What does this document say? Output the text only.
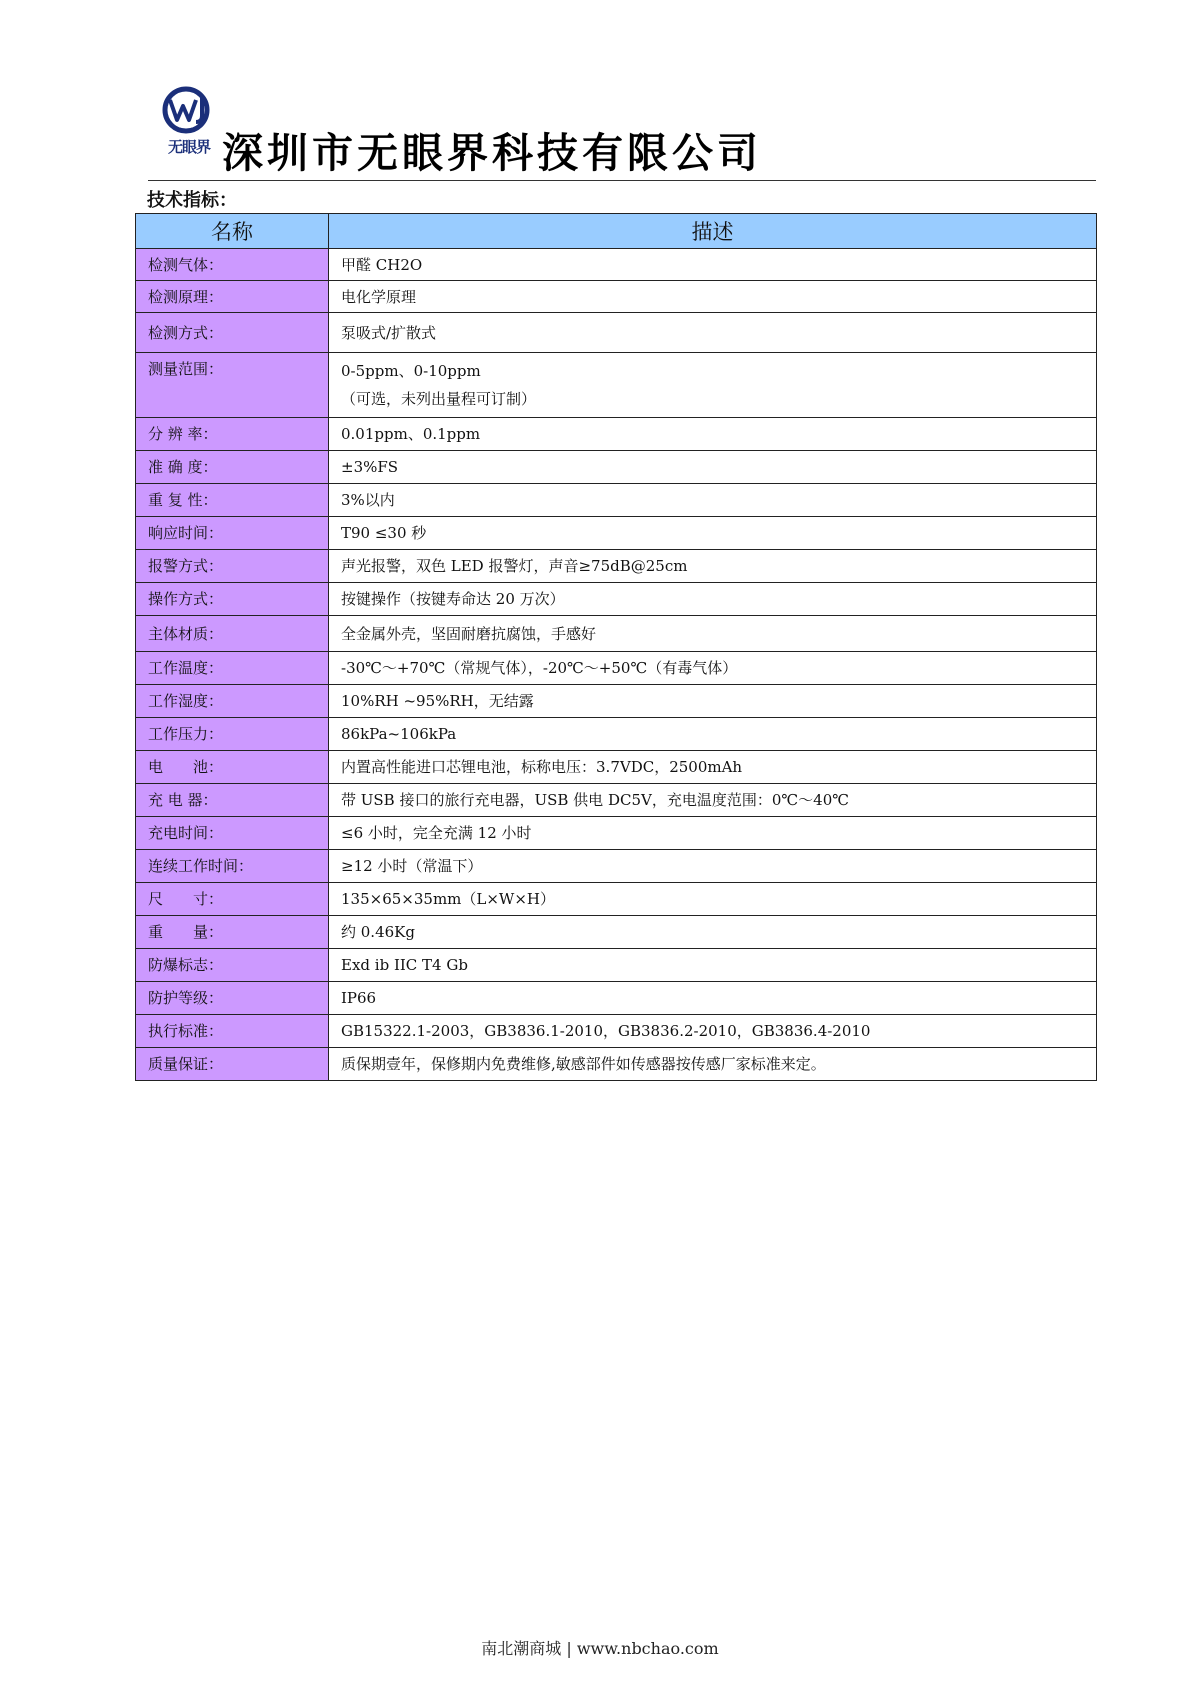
无眼界 深圳市无眼界科技有限公司
技术指标：
名称	描述
检测气体：	甲醛 CH2O

检测原理：	电化学原理

检测方式：	泵吸式/扩散式

测量范围：	0-5ppm、0-10ppm
（可选，未列出量程可订制）

分 辨 率：	0.01ppm、0.1ppm

准 确 度：	±3%FS

重 复 性：	3%以内

响应时间：	T90 ≤30 秒

报警方式：	声光报警，双色 LED 报警灯，声音≥75dB@25cm

操作方式：	按键操作（按键寿命达 20 万次）

主体材质：	全金属外壳，坚固耐磨抗腐蚀，手感好

工作温度：	-30℃～+70℃（常规气体），-20℃～+50℃（有毒气体）

工作湿度：	10%RH ~95%RH，无结露

工作压力：	86kPa~106kPa

电　　池：	内置高性能进口芯锂电池，标称电压：3.7VDC，2500mAh

充 电 器：	带 USB 接口的旅行充电器，USB 供电 DC5V，充电温度范围：0℃～40℃

充电时间：	≤6 小时，完全充满 12 小时

连续工作时间：	≥12 小时（常温下）

尺　　寸：	135×65×35mm（L×W×H）

重　　量：	约 0.46Kg

防爆标志：	Exd ib IIC T4 Gb

防护等级：	IP66

执行标准：	GB15322.1-2003，GB3836.1-2010，GB3836.2-2010，GB3836.4-2010

质量保证：	质保期壹年，保修期内免费维修,敏感部件如传感器按传感厂家标准来定。
南北潮商城 | www.nbchao.com
